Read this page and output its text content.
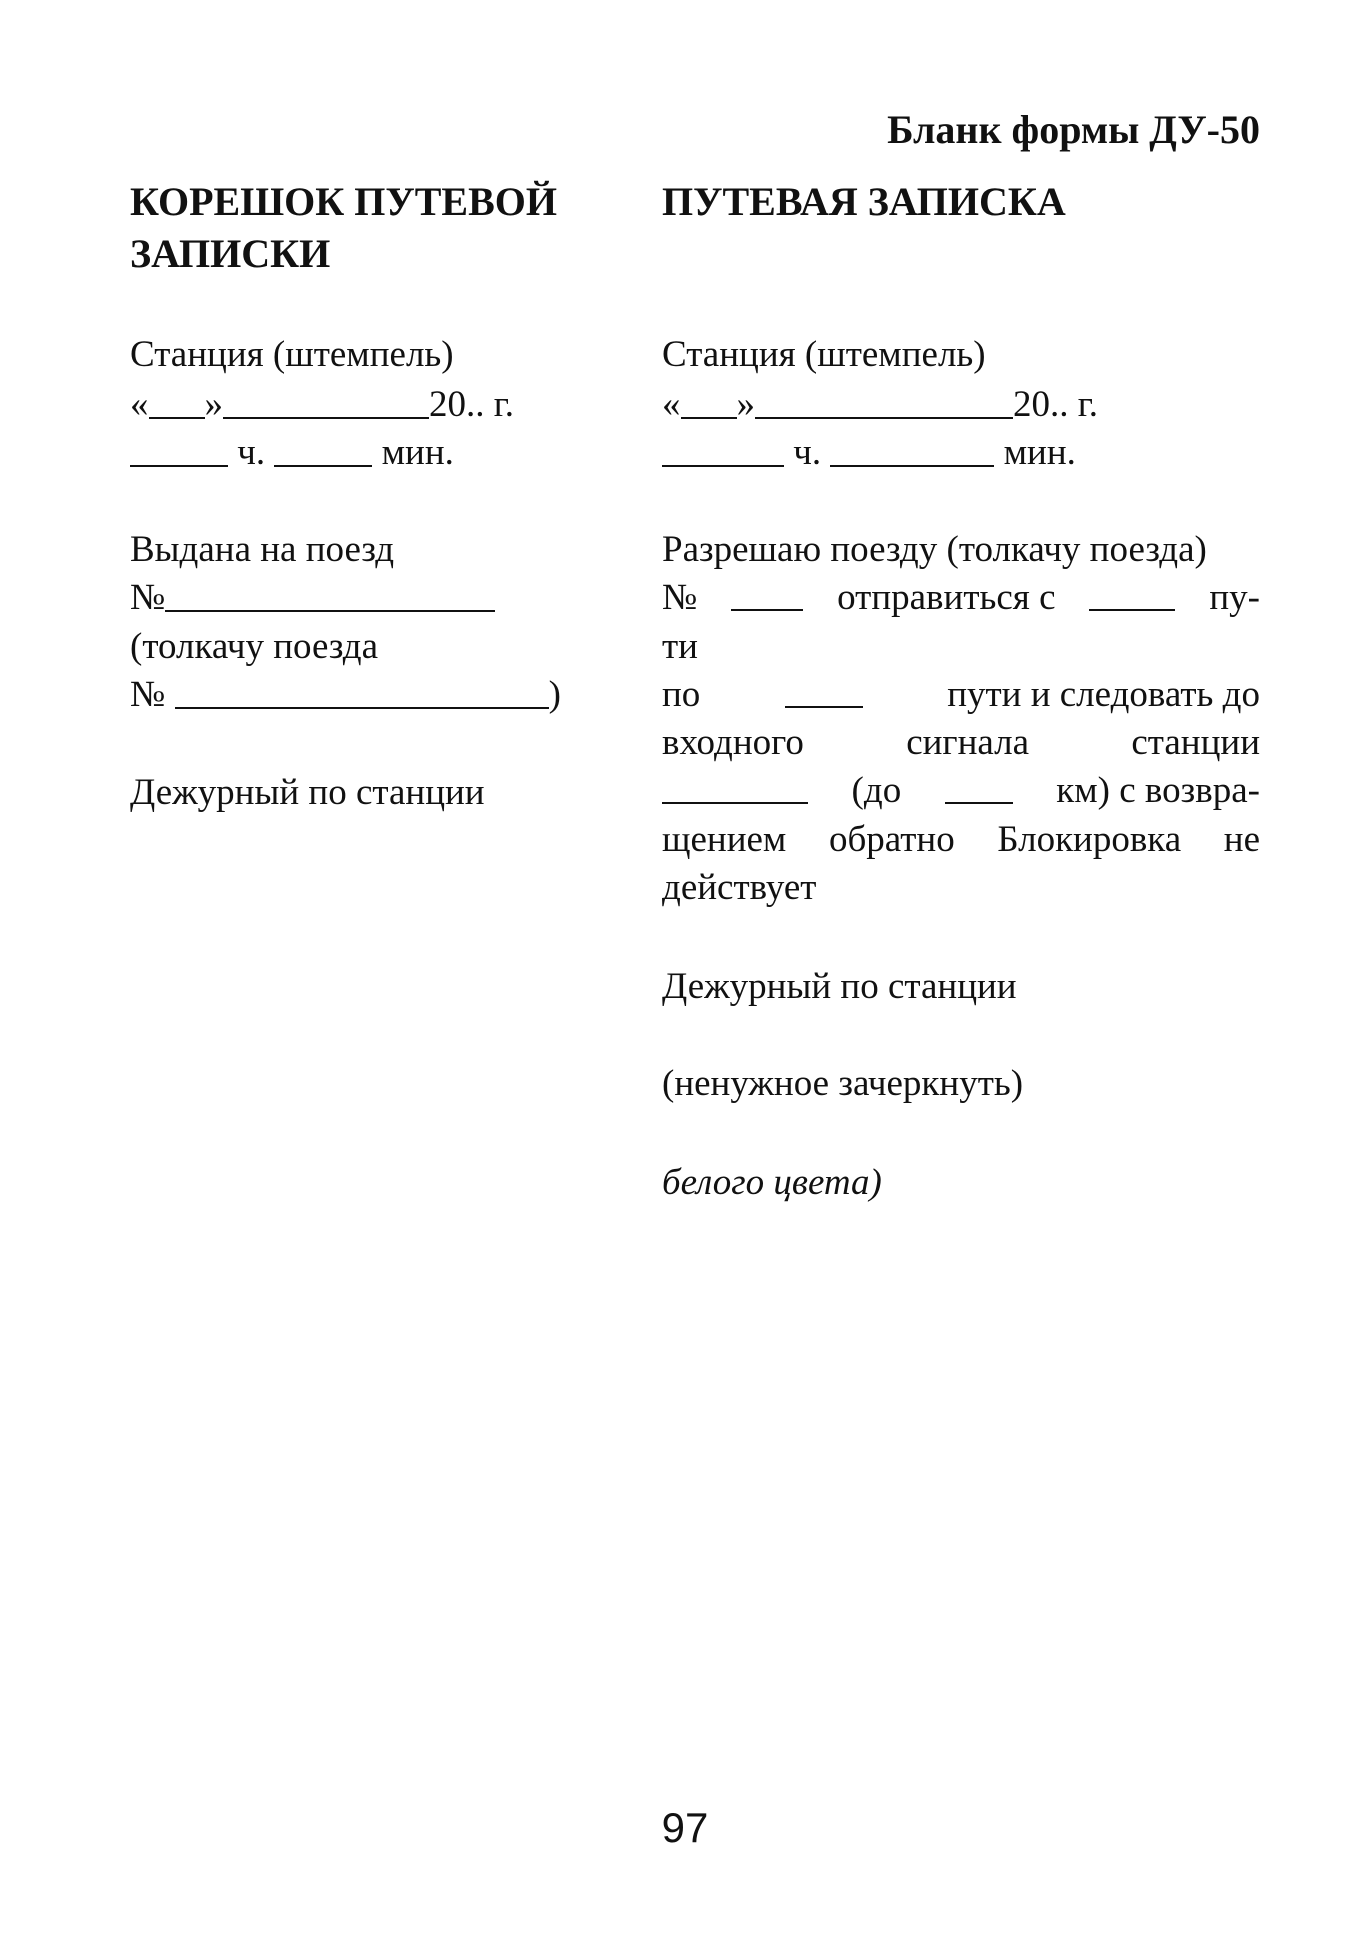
Бланк формы ДУ-50
КОРЕШОК ПУТЕВОЙ
ЗАПИСКИ
Станция (штемпель)
« »	20.. г.
ч.	мин.
Выдана на поезд
№
(толкачу поезда
№	)
Дежурный по станции
ПУТЕВАЯ ЗАПИСКА
Станция (штемпель)
« »	20.. г.
ч.	мин.
Разрешаю поезду (толкачу поезда)
№	отправиться с	пу-
ти
по	пути и следовать до
входного	сигнала	станции
(до	км) с возвра-
щением обратно Блокировка не
действует
Дежурный по станции
(ненужное зачеркнуть)
белого цвета)
97
